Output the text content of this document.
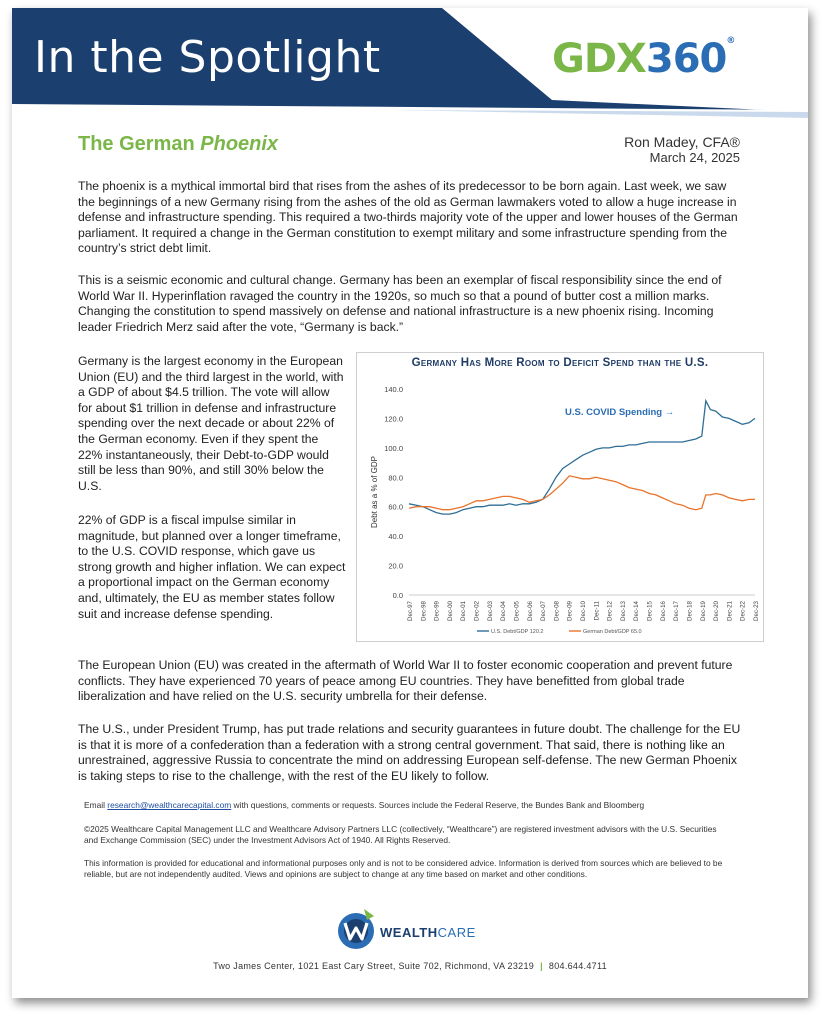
In the Spotlight	GDX360®
The German Phoenix	Ron Madey, CFA®
March 24, 2025
The phoenix is a mythical immortal bird that rises from the ashes of its predecessor to be born again. Last week, we saw the beginnings of a new Germany rising from the ashes of the old as German lawmakers voted to allow a huge increase in defense and infrastructure spending. This required a two-thirds majority vote of the upper and lower houses of the German parliament. It required a change in the German constitution to exempt military and some infrastructure spending from the country’s strict debt limit.
This is a seismic economic and cultural change. Germany has been an exemplar of fiscal responsibility since the end of World War II. Hyperinflation ravaged the country in the 1920s, so much so that a pound of butter cost a million marks. Changing the constitution to spend massively on defense and national infrastructure is a new phoenix rising. Incoming leader Friedrich Merz said after the vote, “Germany is back.”
Germany is the largest economy in the European Union (EU) and the third largest in the world, with a GDP of about $4.5 trillion. The vote will allow for about $1 trillion in defense and infrastructure spending over the next decade or about 22% of the German economy. Even if they spent the 22% instantaneously, their Debt-to-GDP would still be less than 90%, and still 30% below the U.S.
22% of GDP is a fiscal impulse similar in magnitude, but planned over a longer timeframe, to the U.S. COVID response, which gave us strong growth and higher inflation. We can expect a proportional impact on the German economy and, ultimately, the EU as member states follow suit and increase defense spending.
Germany Has More Room to Deficit Spend than the U.S.
0.0
20.0
40.0
60.0
80.0
100.0
120.0
140.0
Debt as a % of GDP
Dec-97 Dec-98 Dec-99 Dec-00 Dec-01 Dec-02 Dec-03 Dec-04 Dec-05 Dec-06 Dec-07 Dec-08 Dec-09 Dec-10 Dec-11 Dec-12 Dec-13 Dec-14 Dec-15 Dec-16 Dec-17 Dec-18 Dec-19 Dec-20 Dec-21 Dec-22 Dec-23
U.S. COVID Spending →
U.S. Debt/GDP 120.2	German Debt/GDP 65.0
The European Union (EU) was created in the aftermath of World War II to foster economic cooperation and prevent future conflicts. They have experienced 70 years of peace among EU countries. They have benefitted from global trade liberalization and have relied on the U.S. security umbrella for their defense.
The U.S., under President Trump, has put trade relations and security guarantees in future doubt. The challenge for the EU is that it is more of a confederation than a federation with a strong central government. That said, there is nothing like an unrestrained, aggressive Russia to concentrate the mind on addressing European self-defense. The new German Phoenix is taking steps to rise to the challenge, with the rest of the EU likely to follow.
Email research@wealthcarecapital.com with questions, comments or requests. Sources include the Federal Reserve, the Bundes Bank and Bloomberg
©2025 Wealthcare Capital Management LLC and Wealthcare Advisory Partners LLC (collectively, “Wealthcare”) are registered investment advisors with the U.S. Securities and Exchange Commission (SEC) under the Investment Advisors Act of 1940. All Rights Reserved.
This information is provided for educational and informational purposes only and is not to be considered advice. Information is derived from sources which are believed to be reliable, but are not independently audited. Views and opinions are subject to change at any time based on market and other conditions.
WEALTHCARE
Two James Center, 1021 East Cary Street, Suite 702, Richmond, VA 23219 | 804.644.4711
